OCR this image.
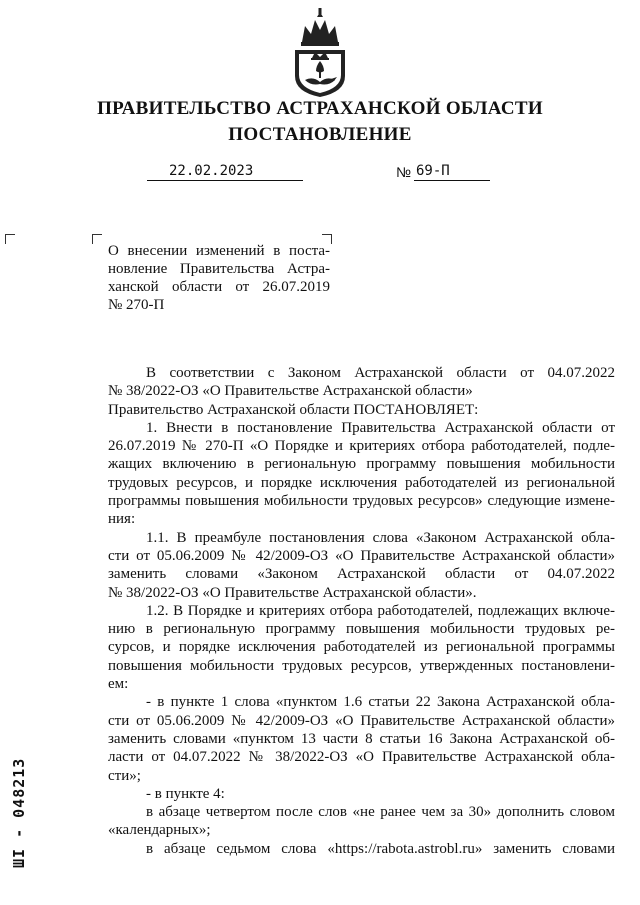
ПРАВИТЕЛЬСТВО АСТРАХАНСКОЙ ОБЛАСТИ
ПОСТАНОВЛЕНИЕ
22.02.2023	№ 69-П
О внесении изменений в поста-
новление Правительства Астра-
ханской области от 26.07.2019
№ 270-П
В соответствии с Законом Астраханской области от 04.07.2022
№ 38/2022-ОЗ «О Правительстве Астраханской области»
Правительство Астраханской области ПОСТАНОВЛЯЕТ:
1. Внести в постановление Правительства Астраханской области от
26.07.2019 № 270-П «О Порядке и критериях отбора работодателей, подле-
жащих включению в региональную программу повышения мобильности
трудовых ресурсов, и порядке исключения работодателей из региональной
программы повышения мобильности трудовых ресурсов» следующие измене-
ния:
1.1. В преамбуле постановления слова «Законом Астраханской обла-
сти от 05.06.2009 № 42/2009-ОЗ «О Правительстве Астраханской области»
заменить словами «Законом Астраханской области от 04.07.2022
№ 38/2022-ОЗ «О Правительстве Астраханской области».
1.2. В Порядке и критериях отбора работодателей, подлежащих включе-
нию в региональную программу повышения мобильности трудовых ре-
сурсов, и порядке исключения работодателей из региональной программы
повышения мобильности трудовых ресурсов, утвержденных постановлени-
ем:
- в пункте 1 слова «пунктом 1.6 статьи 22 Закона Астраханской обла-
сти от 05.06.2009 № 42/2009-ОЗ «О Правительстве Астраханской области»
заменить словами «пунктом 13 части 8 статьи 16 Закона Астраханской об-
ласти от 04.07.2022 № 38/2022-ОЗ «О Правительстве Астраханской обла-
сти»;
- в пункте 4:
в абзаце четвертом после слов «не ранее чем за 30» дополнить словом
«календарных»;
в абзаце седьмом слова «https://rabota.astrobl.ru» заменить словами
ШI - 048213
